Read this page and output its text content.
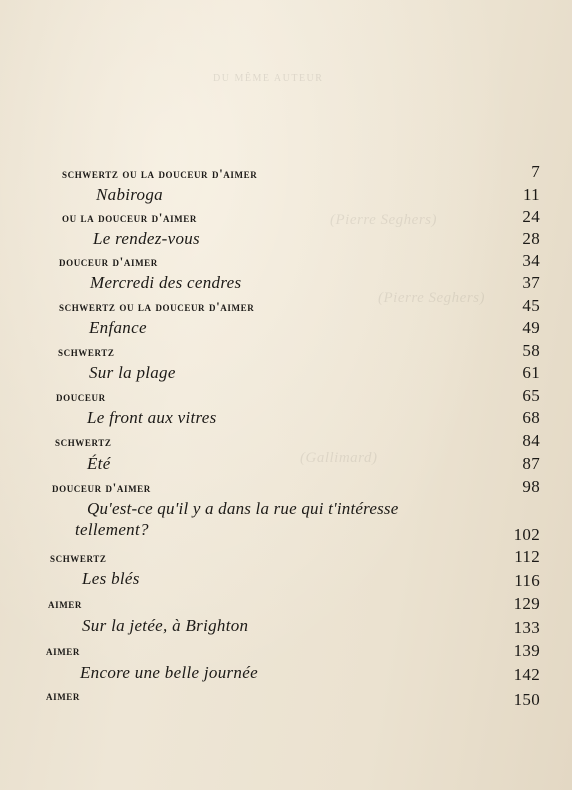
DU MÊME AUTEUR
(Pierre Seghers)
(Pierre Seghers)
(Gallimard)
schwertz ou la douceur d'aimer	7
Nabiroga	11
ou la douceur d'aimer	24
Le rendez-vous	28
douceur d'aimer	34
Mercredi des cendres	37
schwertz ou la douceur d'aimer	45
Enfance	49
schwertz	58
Sur la plage	61
douceur	65
Le front aux vitres	68
schwertz	84
Été	87
douceur d'aimer	98
Qu'est-ce qu'il y a dans la rue qui t'intéresse
tellement?	102
schwertz	112
Les blés	116
aimer	129
Sur la jetée, à Brighton	133
aimer	139
Encore une belle journée	142
aimer	150
